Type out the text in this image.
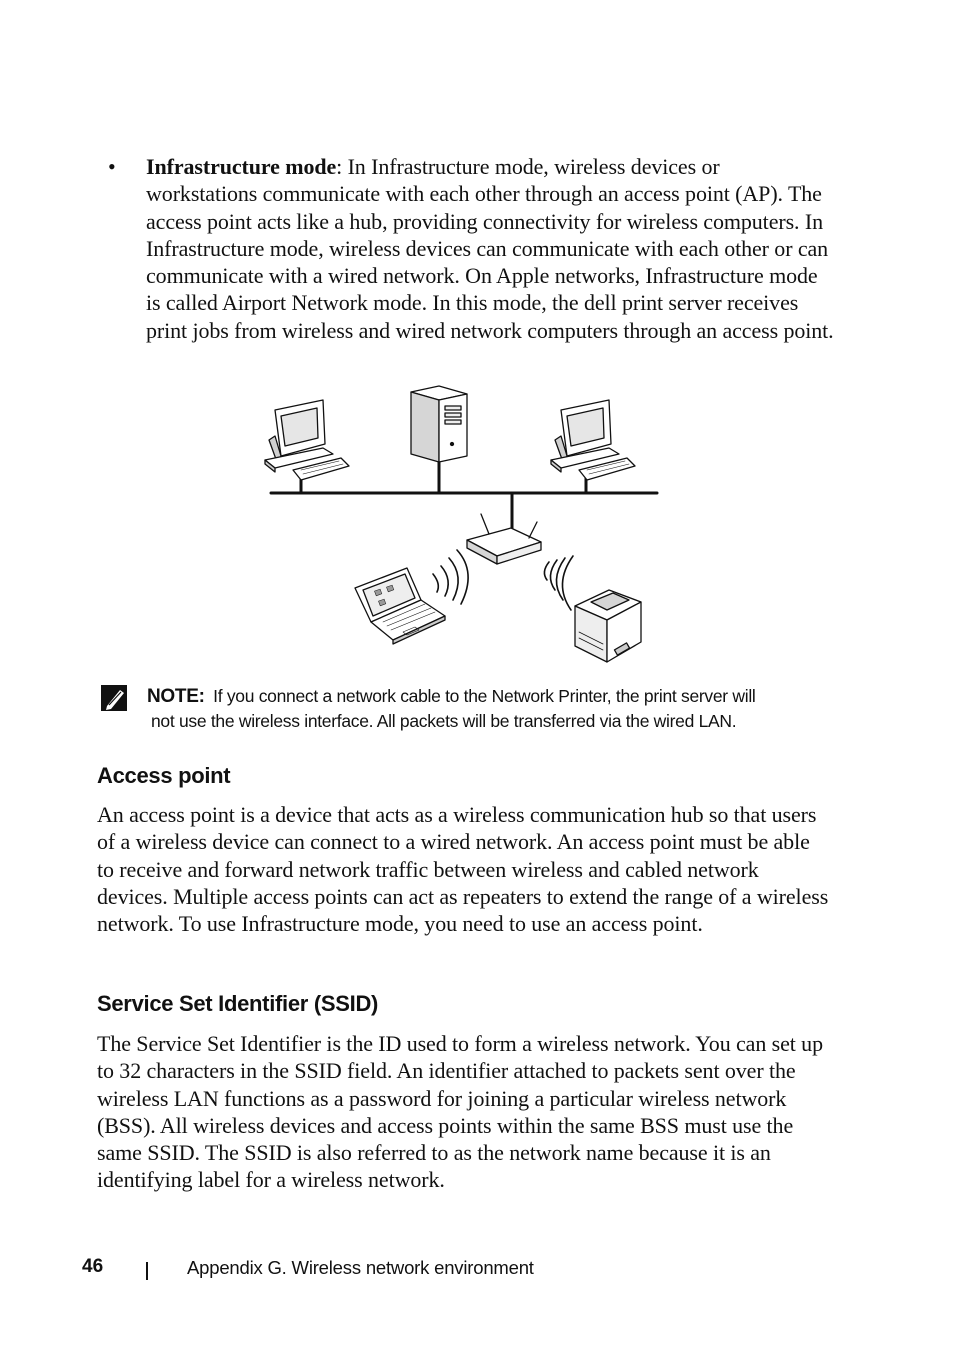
• Infrastructure mode: In Infrastructure mode, wireless devices or workstations communicate with each other through an access point (AP). The access point acts like a hub, providing connectivity for wireless computers. In Infrastructure mode, wireless devices can communicate with each other or can communicate with a wired network. On Apple networks, Infrastructure mode is called Airport Network mode. In this mode, the dell print server receives print jobs from wireless and wired network computers through an access point.

NOTE: If you connect a network cable to the Network Printer, the print server will
not use the wireless interface. All packets will be transferred via the wired LAN.
Access point

An access point is a device that acts as a wireless communication hub so that users of a wireless device can connect to a wired network. An access point must be able to receive and forward network traffic between wireless and cabled network devices. Multiple access points can act as repeaters to extend the range of a wireless network. To use Infrastructure mode, you need to use an access point.

Service Set Identifier (SSID)

The Service Set Identifier is the ID used to form a wireless network. You can set up to 32 characters in the SSID field. An identifier attached to packets sent over the wireless LAN functions as a password for joining a particular wireless network (BSS). All wireless devices and access points within the same BSS must use the same SSID. The SSID is also referred to as the network name because it is an identifying label for a wireless network.

46	Appendix G. Wireless network environment
